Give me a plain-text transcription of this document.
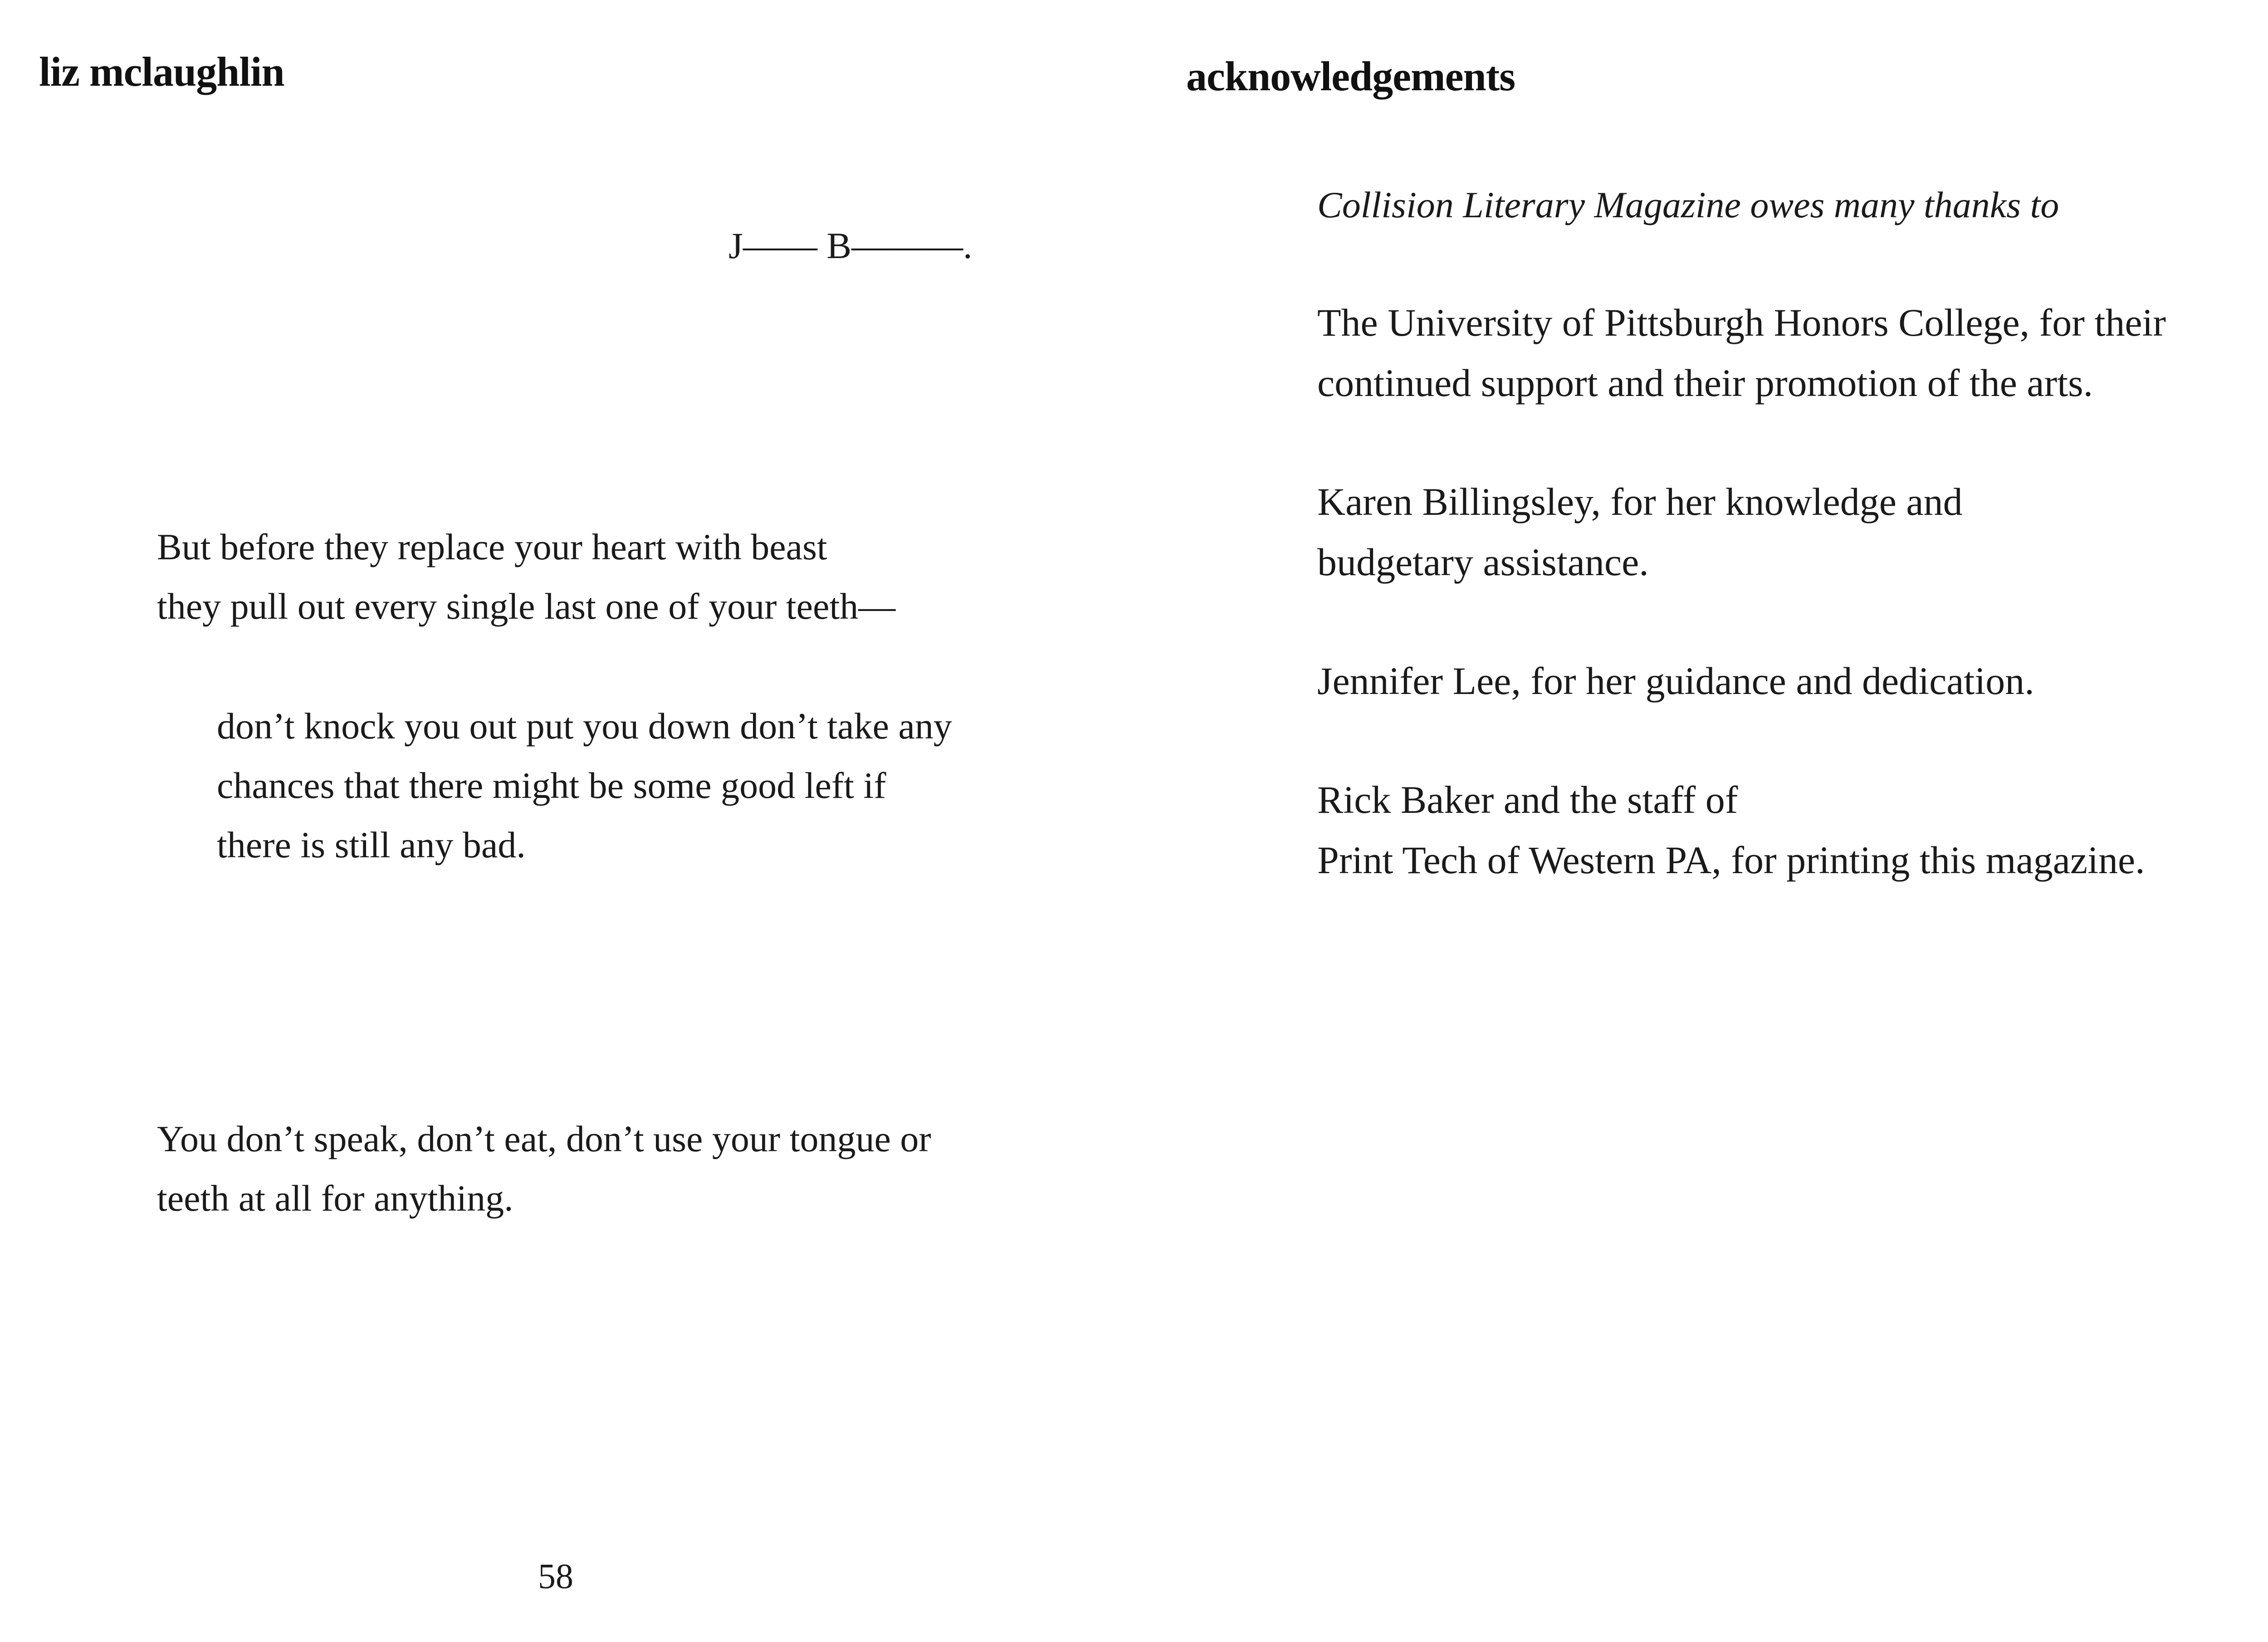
liz mclaughlin
J—— B———.

But before they replace your heart with beast

they pull out every single last one of your teeth—

don’t knock you out put you down don’t take any

chances that there might be some good left if

there is still any bad.

You don’t speak, don’t eat, don’t use your tongue or

teeth at all for anything.

58
acknowledgements

Collision Literary Magazine owes many thanks to

The University of Pittsburgh Honors College, for their

continued support and their promotion of the arts.

Karen Billingsley, for her knowledge and

budgetary assistance.

Jennifer Lee, for her guidance and dedication.

Rick Baker and the staff of

Print Tech of Western PA, for printing this magazine.
